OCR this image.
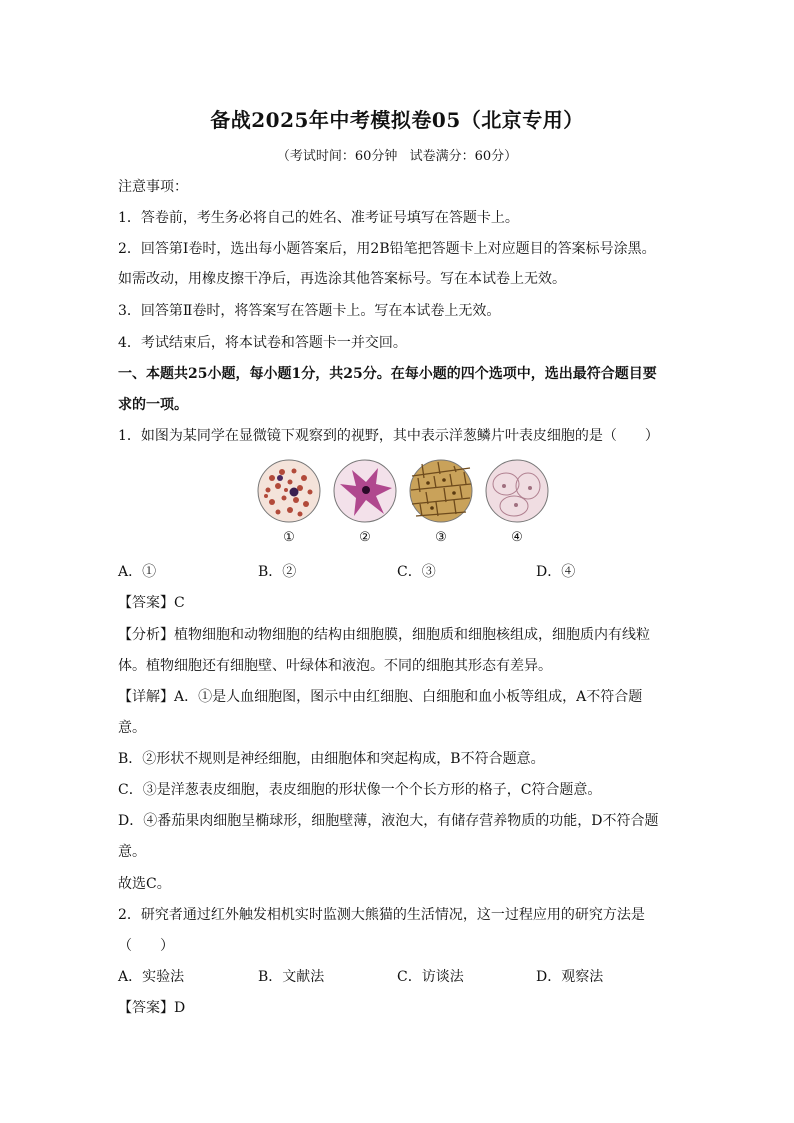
备战2025年中考模拟卷05（北京专用）
（考试时间：60分钟 试卷满分：60分）
注意事项：
1．答卷前，考生务必将自己的姓名、准考证号填写在答题卡上。
2．回答第Ⅰ卷时，选出每小题答案后，用2B铅笔把答题卡上对应题目的答案标号涂黑。
如需改动，用橡皮擦干净后，再选涂其他答案标号。写在本试卷上无效。
3．回答第Ⅱ卷时，将答案写在答题卡上。写在本试卷上无效。
4．考试结束后，将本试卷和答题卡一并交回。
一、本题共25小题，每小题1分，共25分。在每小题的四个选项中，选出最符合题目要
求的一项。
1．如图为某同学在显微镜下观察到的视野，其中表示洋葱鳞片叶表皮细胞的是（　　）
①	②	③	④
A．①	B．②	C．③	D．④
【答案】C
【分析】植物细胞和动物细胞的结构由细胞膜，细胞质和细胞核组成，细胞质内有线粒
体。植物细胞还有细胞壁、叶绿体和液泡。不同的细胞其形态有差异。
【详解】A．①是人血细胞图，图示中由红细胞、白细胞和血小板等组成，A不符合题
意。
B．②形状不规则是神经细胞，由细胞体和突起构成，B不符合题意。
C．③是洋葱表皮细胞，表皮细胞的形状像一个个长方形的格子，C符合题意。
D．④番茄果肉细胞呈椭球形，细胞壁薄，液泡大，有储存营养物质的功能，D不符合题
意。
故选C。
2．研究者通过红外触发相机实时监测大熊猫的生活情况，这一过程应用的研究方法是
（　　）
A．实验法	B．文献法	C．访谈法	D．观察法
【答案】D
